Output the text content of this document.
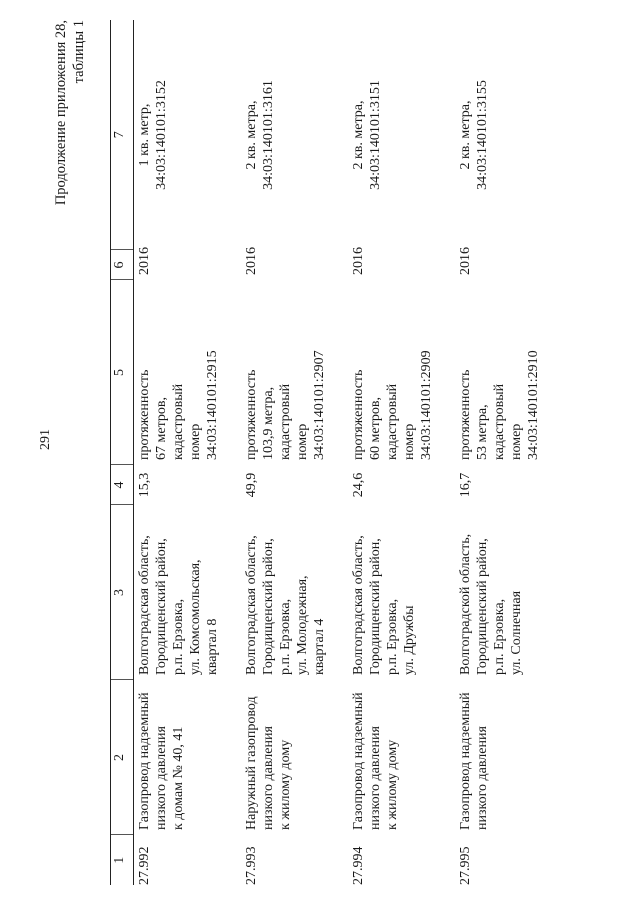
291
Продолжение приложения 28, таблицы 1
1	2	3	4	5	6	7
27.992	Газопровод надземный
низкого давления
к домам № 40, 41	Волгоградская область,
Городищенский район,
р.п. Ерзовка,
ул. Комсомольская,
квартал 8	15,3	протяженность
67 метров,
кадастровый
номер
34:03:140101:2915	2016	1 кв. метр,
34:03:140101:3152
27.993	Наружный газопровод
низкого давления
к жилому дому	Волгоградская область,
Городищенский район,
р.п. Ерзовка,
ул. Молодежная,
квартал 4	49,9	протяженность
103,9 метра,
кадастровый
номер
34:03:140101:2907	2016	2 кв. метра,
34:03:140101:3161
27.994	Газопровод надземный
низкого давления
к жилому дому	Волгоградская область,
Городищенский район,
р.п. Ерзовка,
ул. Дружбы	24,6	протяженность
60 метров,
кадастровый
номер
34:03:140101:2909	2016	2 кв. метра,
34:03:140101:3151
27.995	Газопровод надземный
низкого давления	Волгоградской область,
Городищенский район,
р.п. Ерзовка,
ул. Солнечная	16,7	протяженность
53 метра,
кадастровый
номер
34:03:140101:2910	2016	2 кв. метра,
34:03:140101:3155
